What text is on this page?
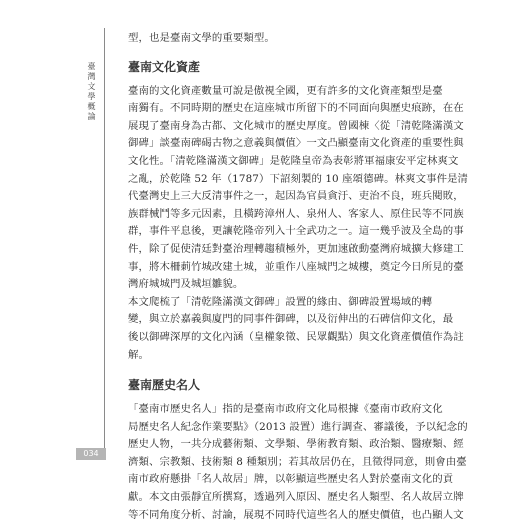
臺灣文學概論
034
型，也是臺南文學的重要類型。
臺南文化資產
臺南的文化資產數量可說是傲視全國，更有許多的文化資產類型是臺
南獨有。不同時期的歷史在這座城市所留下的不同面向與歷史痕跡，在在
展現了臺南身為古都、文化城市的歷史厚度。曾國棟〈從「清乾隆滿漢文
御碑」談臺南碑碣古物之意義與價值〉一文凸顯臺南文化資產的重要性與
文化性。「清乾隆滿漢文御碑」是乾隆皇帝為表彰將軍福康安平定林爽文
之亂，於乾隆 52 年（1787）下詔刻製的 10 座頌德碑。林爽文事件是清
代臺灣史上三大反清事件之一，起因為官員貪汙、吏治不良，班兵閱敗，
族群械鬥等多元因素，且橫跨漳州人、泉州人、客家人、原住民等不同族
群，事件平息後，更讓乾隆帝列入十全武功之一。這一幾乎波及全島的事
件，除了促使清廷對臺治理轉趨積極外，更加速啟動臺灣府城擴大修建工
事，將木柵莿竹城改建土城，並重作八座城門之城樓，奠定今日所見的臺
灣府城城門及城垣雛貌。
本文爬梳了「清乾隆滿漢文御碑」設置的緣由、御碑設置場域的轉
變，與立於嘉義與廈門的同事件御碑，以及衍伸出的石碑信仰文化，最
後以御碑深厚的文化內涵（皇權象徵、民眾觀點）與文化資產價值作為註
解。
臺南歷史名人
「臺南市歷史名人」指的是臺南市政府文化局根據《臺南市政府文化
局歷史名人紀念作業要點》（2013 設置）進行調查、審議後，予以紀念的
歷史人物，一共分成藝術類、文學類、學術教育類、政治類、醫療類、經
濟類、宗教類、技術類 8 種類別；若其故居仍在，且徵得同意，則會由臺
南市政府懸掛「名人故居」牌，以彰顯這些歷史名人對於臺南文化的貢
獻。本文由張靜宜所撰寫，透過列入原因、歷史名人類型、名人故居立牌
等不同角度分析、討論，展現不同時代這些名人的歷史價值，也凸顯人文
